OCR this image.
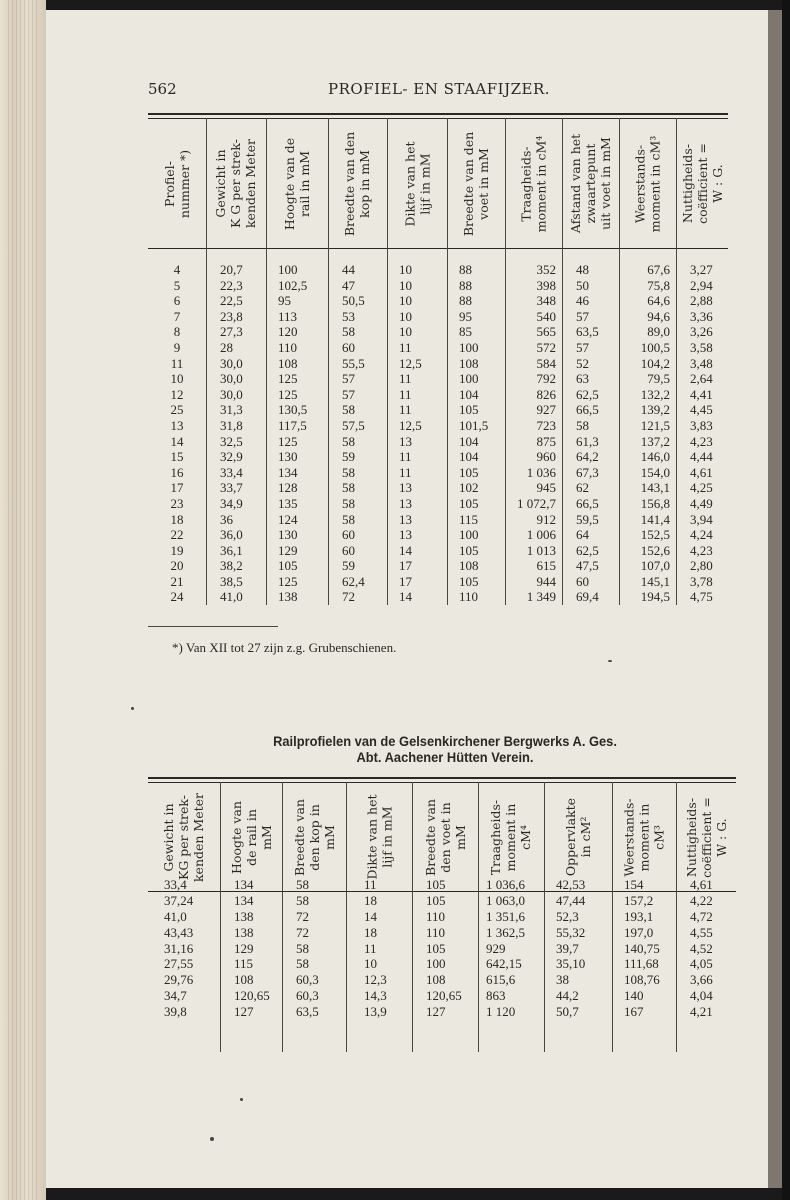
562	PROFIEL- EN STAAFIJZER.
Profiel-
nummer *)
Gewicht in
K G per strek-
kenden Meter
Hoogte van de
rail in mM
Breedte van den
kop in mM
Dikte van het
lijf in mM
Breedte van den
voet in mM Traagheids-
moment in cM⁴
Afstand van het
zwaartepunt
uit voet in mM Weerstands-
moment in cM³ Nuttigheids-
coëfficient =
W : G.
4
5
6
7
8
9
11
10
12
25
13
14
15
16
17
23
18
22
19
20
21
24
20,7
22,3
22,5
23,8
27,3
28
30,0
30,0
30,0
31,3
31,8
32,5
32,9
33,4
33,7
34,9
36
36,0
36,1
38,2
38,5
41,0
100
102,5
95
113
120
110
108
125
125
130,5
117,5
125
130
134
128
135
124
130
129
105
125
138
44
47
50,5
53
58
60
55,5
57
57
58
57,5
58
59
58
58
58
58
60
60
59
62,4
72
10
10
10
10
10
11
12,5
11
11
11
12,5
13
11
11
13
13
13
13
14
17
17
14
88
88
88
95
85
100
108
100
104
105
101,5
104
104
105
102
105
115
100
105
108
105
110
352
398
348
540
565
572
584
792
826
927
723
875
960
1 036
945
1 072,7
912
1 006
1 013
615
944
1 349
48
50
46
57
63,5
57
52
63
62,5
66,5
58
61,3
64,2
67,3
62
66,5
59,5
64
62,5
47,5
60
69,4
67,6
75,8
64,6
94,6
89,0
100,5
104,2
79,5
132,2
139,2
121,5
137,2
146,0
154,0
143,1
156,8
141,4
152,5
152,6
107,0
145,1
194,5
3,27
2,94
2,88
3,36
3,26
3,58
3,48
2,64
4,41
4,45
3,83
4,23
4,44
4,61
4,25
4,49
3,94
4,24
4,23
2,80
3,78
4,75
*) Van XII tot 27 zijn z.g. Grubenschienen.
Railprofielen van de Gelsenkirchener Bergwerks A. Ges.
Abt. Aachener Hütten Verein.
Gewicht in
KG per strek-
kenden Meter
Hoogte van
de rail in
mM Breedte van
den kop in
mM
Dikte van het
lijf in mM
Breedte van
den voet in
mM Traagheids-
moment in
cM⁴ Oppervlakte
in cM² Weerstands-
moment in
cM³ Nuttigheids-
coëfficient =
W : G.
33,4
37,24
41,0
43,43
31,16
27,55
29,76
34,7
39,8
134
134
138
138
129
115
108
120,65
127
58
58
72
72
58
58
60,3
60,3
63,5
11
18
14
18
11
10
12,3
14,3
13,9
105
105
110
110
105
100
108
120,65
127
1 036,6
1 063,0
1 351,6
1 362,5
929
642,15
615,6
863
1 120
42,53
47,44
52,3
55,32
39,7
35,10
38
44,2
50,7
154
157,2
193,1
197,0
140,75
111,68
108,76
140
167
4,61
4,22
4,72
4,55
4,52
4,05
3,66
4,04
4,21
